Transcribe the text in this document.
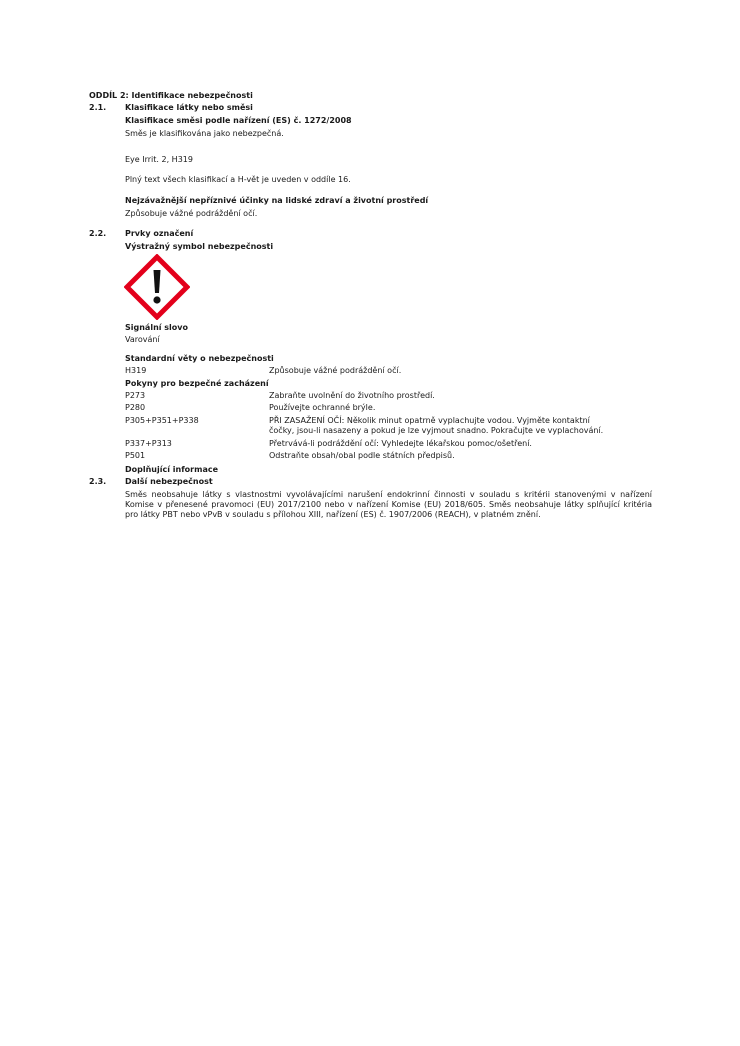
ODDÍL 2: Identifikace nebezpečnosti
2.1. Klasifikace látky nebo směsi
Klasifikace směsi podle nařízení (ES) č. 1272/2008
Směs je klasifikována jako nebezpečná.
Eye Irrit. 2, H319
Plný text všech klasifikací a H-vět je uveden v oddíle 16.
Nejzávažnější nepříznivé účinky na lidské zdraví a životní prostředí
Způsobuje vážné podráždění očí.
2.2. Prvky označení
Výstražný symbol nebezpečnosti
Signální slovo
Varování
Standardní věty o nebezpečnosti
H319	Způsobuje vážné podráždění očí.
Pokyny pro bezpečné zacházení
P273	Zabraňte uvolnění do životního prostředí.
P280	Používejte ochranné brýle.
P305+P351+P338	PŘI ZASAŽENÍ OČÍ: Několik minut opatrně vyplachujte vodou. Vyjměte kontaktní
čočky, jsou-li nasazeny a pokud je lze vyjmout snadno. Pokračujte ve vyplachování.
P337+P313	Přetrvává-li podráždění očí: Vyhledejte lékařskou pomoc/ošetření.
P501	Odstraňte obsah/obal podle státních předpisů.
Doplňující informace
2.3. Další nebezpečnost
Směs neobsahuje látky s vlastnostmi vyvolávajícími narušení endokrinní činnosti v souladu s kritérii stanovenými v nařízení Komise v přenesené pravomoci (EU) 2017/2100 nebo v nařízení Komise (EU) 2018/605. Směs neobsahuje látky splňující kritéria pro látky PBT nebo vPvB v souladu s přílohou XIII, nařízení (ES) č. 1907/2006 (REACH), v platném znění.
